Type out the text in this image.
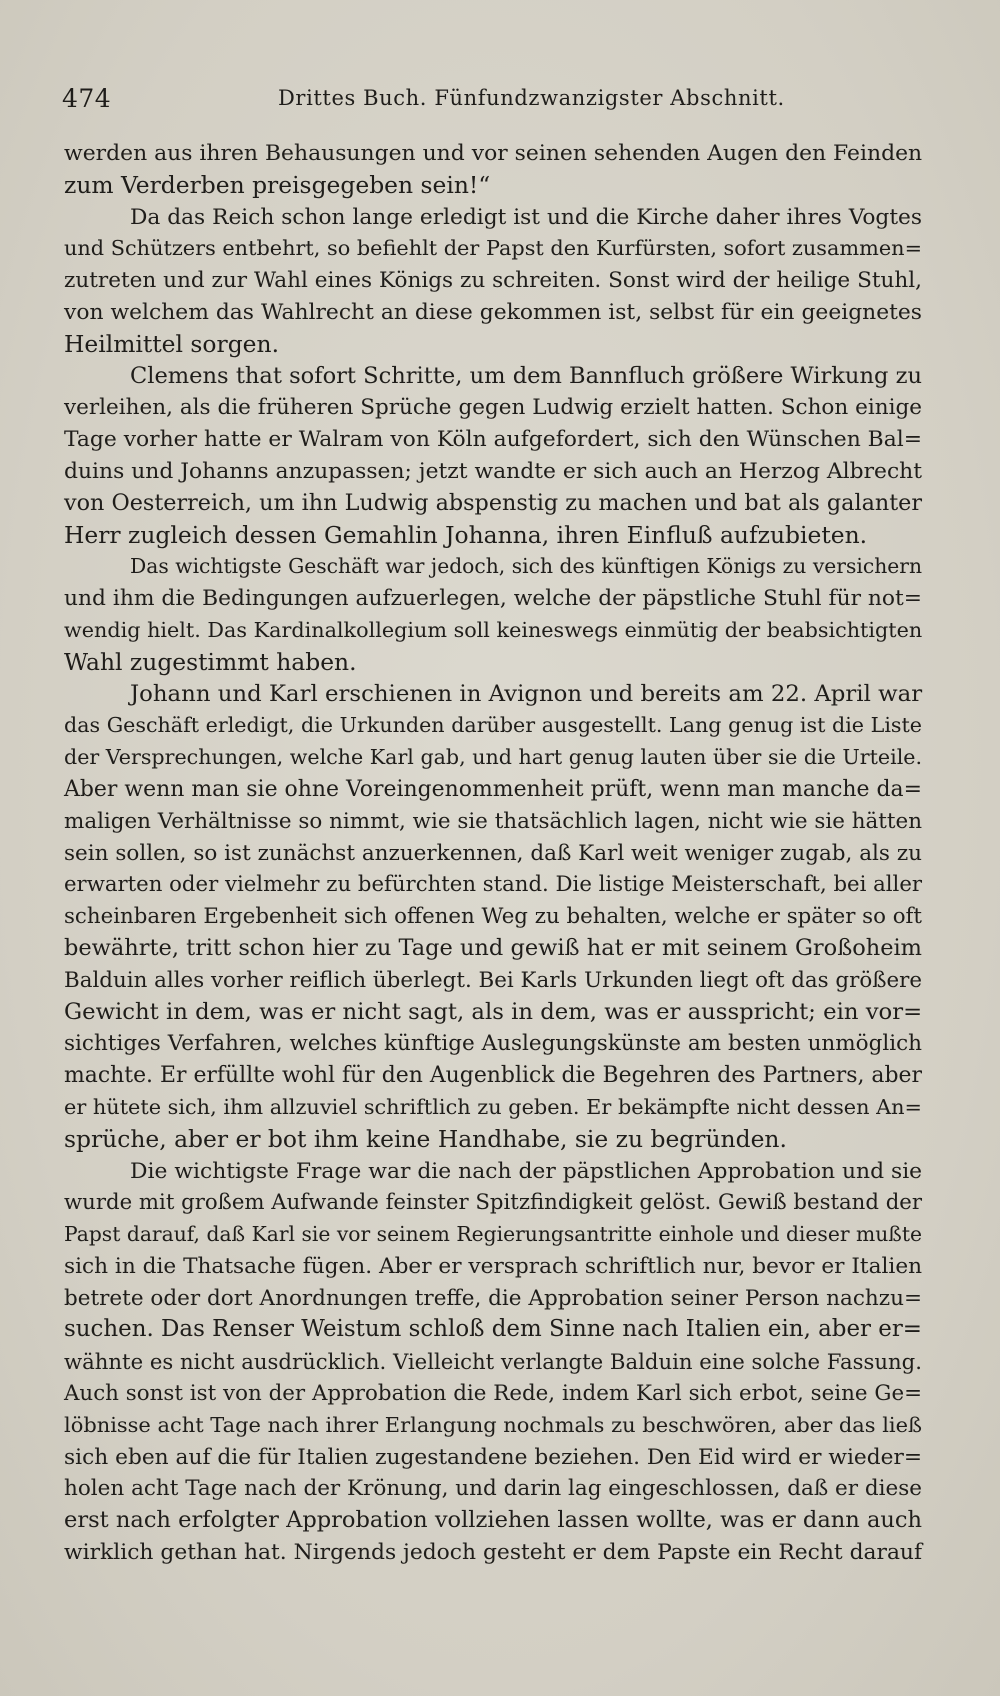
474	Drittes Buch. Fünfundzwanzigster Abschnitt.

werden aus ihren Behausungen und vor seinen sehenden Augen den Feinden
zum Verderben preisgegeben sein!“
Da das Reich schon lange erledigt ist und die Kirche daher ihres Vogtes
und Schützers entbehrt, so befiehlt der Papst den Kurfürsten, sofort zusammen=
zutreten und zur Wahl eines Königs zu schreiten. Sonst wird der heilige Stuhl,
von welchem das Wahlrecht an diese gekommen ist, selbst für ein geeignetes
Heilmittel sorgen.
Clemens that sofort Schritte, um dem Bannfluch größere Wirkung zu
verleihen, als die früheren Sprüche gegen Ludwig erzielt hatten. Schon einige
Tage vorher hatte er Walram von Köln aufgefordert, sich den Wünschen Bal=
duins und Johanns anzupassen; jetzt wandte er sich auch an Herzog Albrecht
von Oesterreich, um ihn Ludwig abspenstig zu machen und bat als galanter
Herr zugleich dessen Gemahlin Johanna, ihren Einfluß aufzubieten.
Das wichtigste Geschäft war jedoch, sich des künftigen Königs zu versichern
und ihm die Bedingungen aufzuerlegen, welche der päpstliche Stuhl für not=
wendig hielt. Das Kardinalkollegium soll keineswegs einmütig der beabsichtigten
Wahl zugestimmt haben.
Johann und Karl erschienen in Avignon und bereits am 22. April war
das Geschäft erledigt, die Urkunden darüber ausgestellt. Lang genug ist die Liste
der Versprechungen, welche Karl gab, und hart genug lauten über sie die Urteile.
Aber wenn man sie ohne Voreingenommenheit prüft, wenn man manche da=
maligen Verhältnisse so nimmt, wie sie thatsächlich lagen, nicht wie sie hätten
sein sollen, so ist zunächst anzuerkennen, daß Karl weit weniger zugab, als zu
erwarten oder vielmehr zu befürchten stand. Die listige Meisterschaft, bei aller
scheinbaren Ergebenheit sich offenen Weg zu behalten, welche er später so oft
bewährte, tritt schon hier zu Tage und gewiß hat er mit seinem Großoheim
Balduin alles vorher reiflich überlegt. Bei Karls Urkunden liegt oft das größere
Gewicht in dem, was er nicht sagt, als in dem, was er ausspricht; ein vor=
sichtiges Verfahren, welches künftige Auslegungskünste am besten unmöglich
machte. Er erfüllte wohl für den Augenblick die Begehren des Partners, aber
er hütete sich, ihm allzuviel schriftlich zu geben. Er bekämpfte nicht dessen An=
sprüche, aber er bot ihm keine Handhabe, sie zu begründen.
Die wichtigste Frage war die nach der päpstlichen Approbation und sie
wurde mit großem Aufwande feinster Spitzfindigkeit gelöst. Gewiß bestand der
Papst darauf, daß Karl sie vor seinem Regierungsantritte einhole und dieser mußte
sich in die Thatsache fügen. Aber er versprach schriftlich nur, bevor er Italien
betrete oder dort Anordnungen treffe, die Approbation seiner Person nachzu=
suchen. Das Renser Weistum schloß dem Sinne nach Italien ein, aber er=
wähnte es nicht ausdrücklich. Vielleicht verlangte Balduin eine solche Fassung.
Auch sonst ist von der Approbation die Rede, indem Karl sich erbot, seine Ge=
löbnisse acht Tage nach ihrer Erlangung nochmals zu beschwören, aber das ließ
sich eben auf die für Italien zugestandene beziehen. Den Eid wird er wieder=
holen acht Tage nach der Krönung, und darin lag eingeschlossen, daß er diese
erst nach erfolgter Approbation vollziehen lassen wollte, was er dann auch
wirklich gethan hat. Nirgends jedoch gesteht er dem Papste ein Recht darauf
